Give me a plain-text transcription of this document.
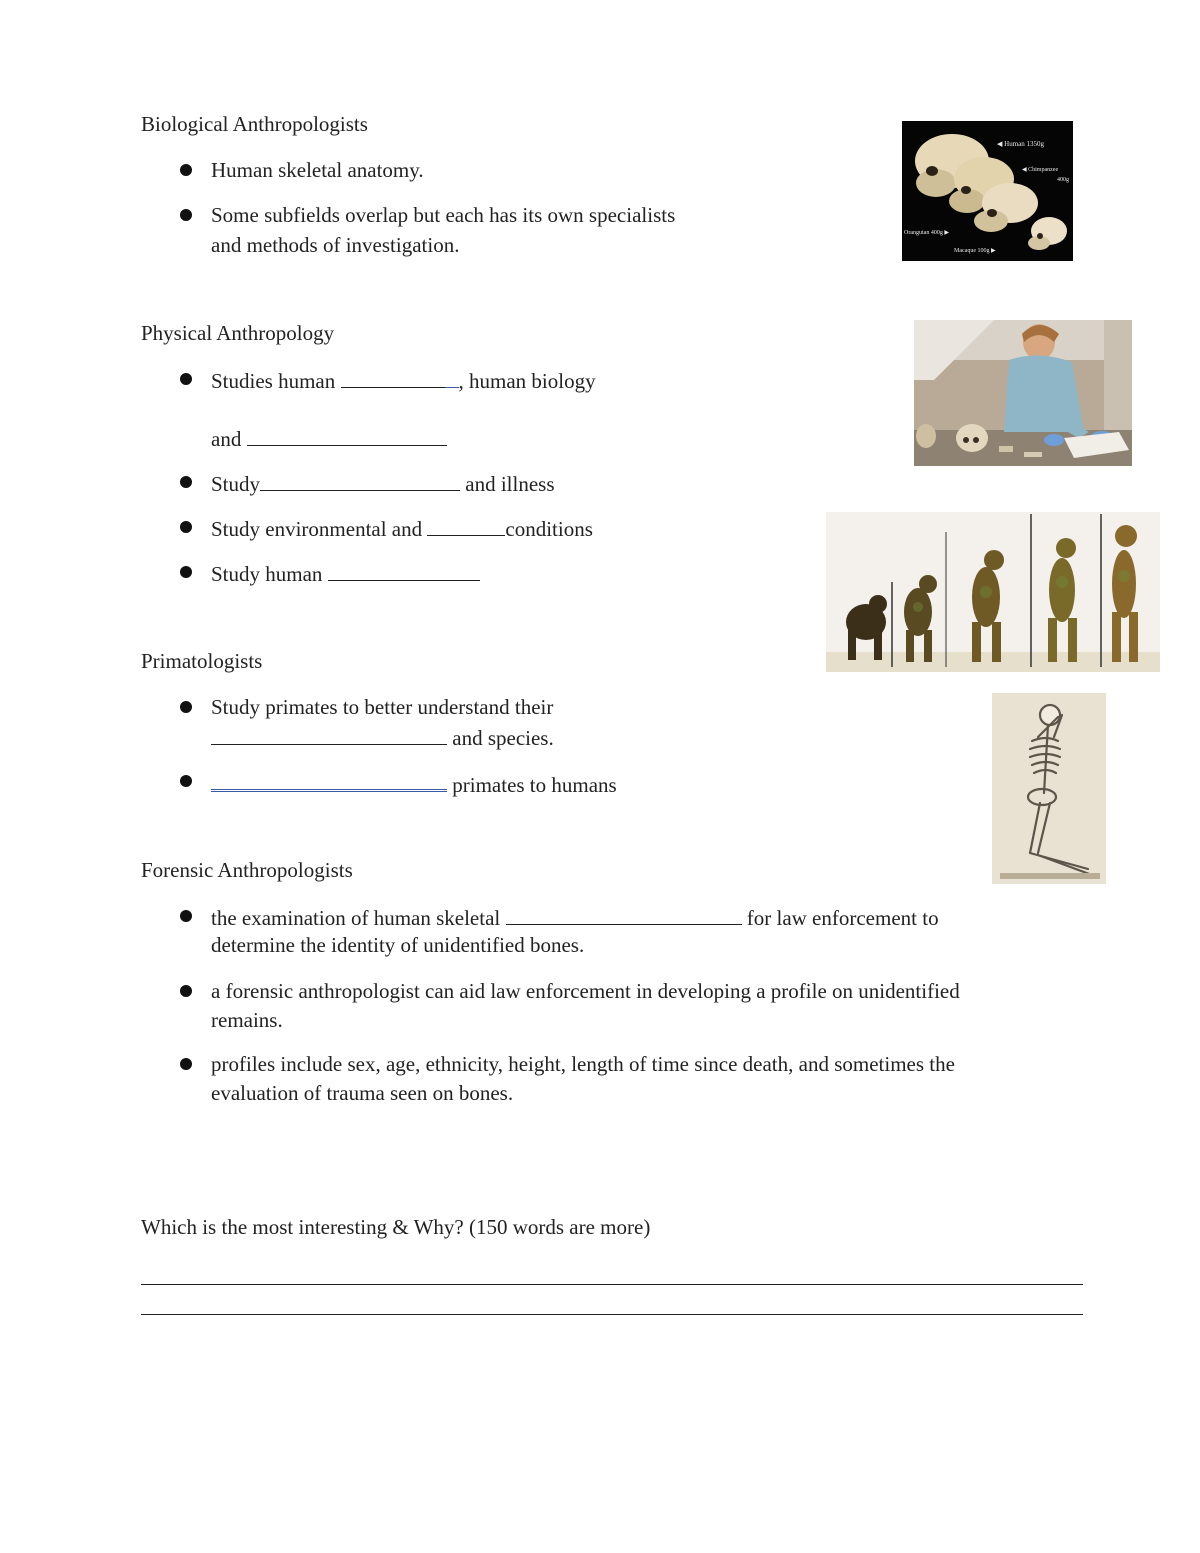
Biological Anthropologists
Human skeletal anatomy.
Some subfields overlap but each has its own specialists
and methods of investigation.
Physical Anthropology
Studies human	, human biology
and
Study	and illness
Study environmental and	conditions
Study human
Primatologists
Study primates to better understand their
and species.
primates to humans
Forensic Anthropologists
the examination of human skeletal	for law enforcement to
determine the identity of unidentified bones.
a forensic anthropologist can aid law enforcement in developing a profile on unidentified
remains.
profiles include sex, age, ethnicity, height, length of time since death, and sometimes the
evaluation of trauma seen on bones.
Which is the most interesting & Why? (150 words are more)
◀ Human 1350g
◀ Chimpanzee
400g
Orangutan 400g ▶
Macaque 100g ▶
